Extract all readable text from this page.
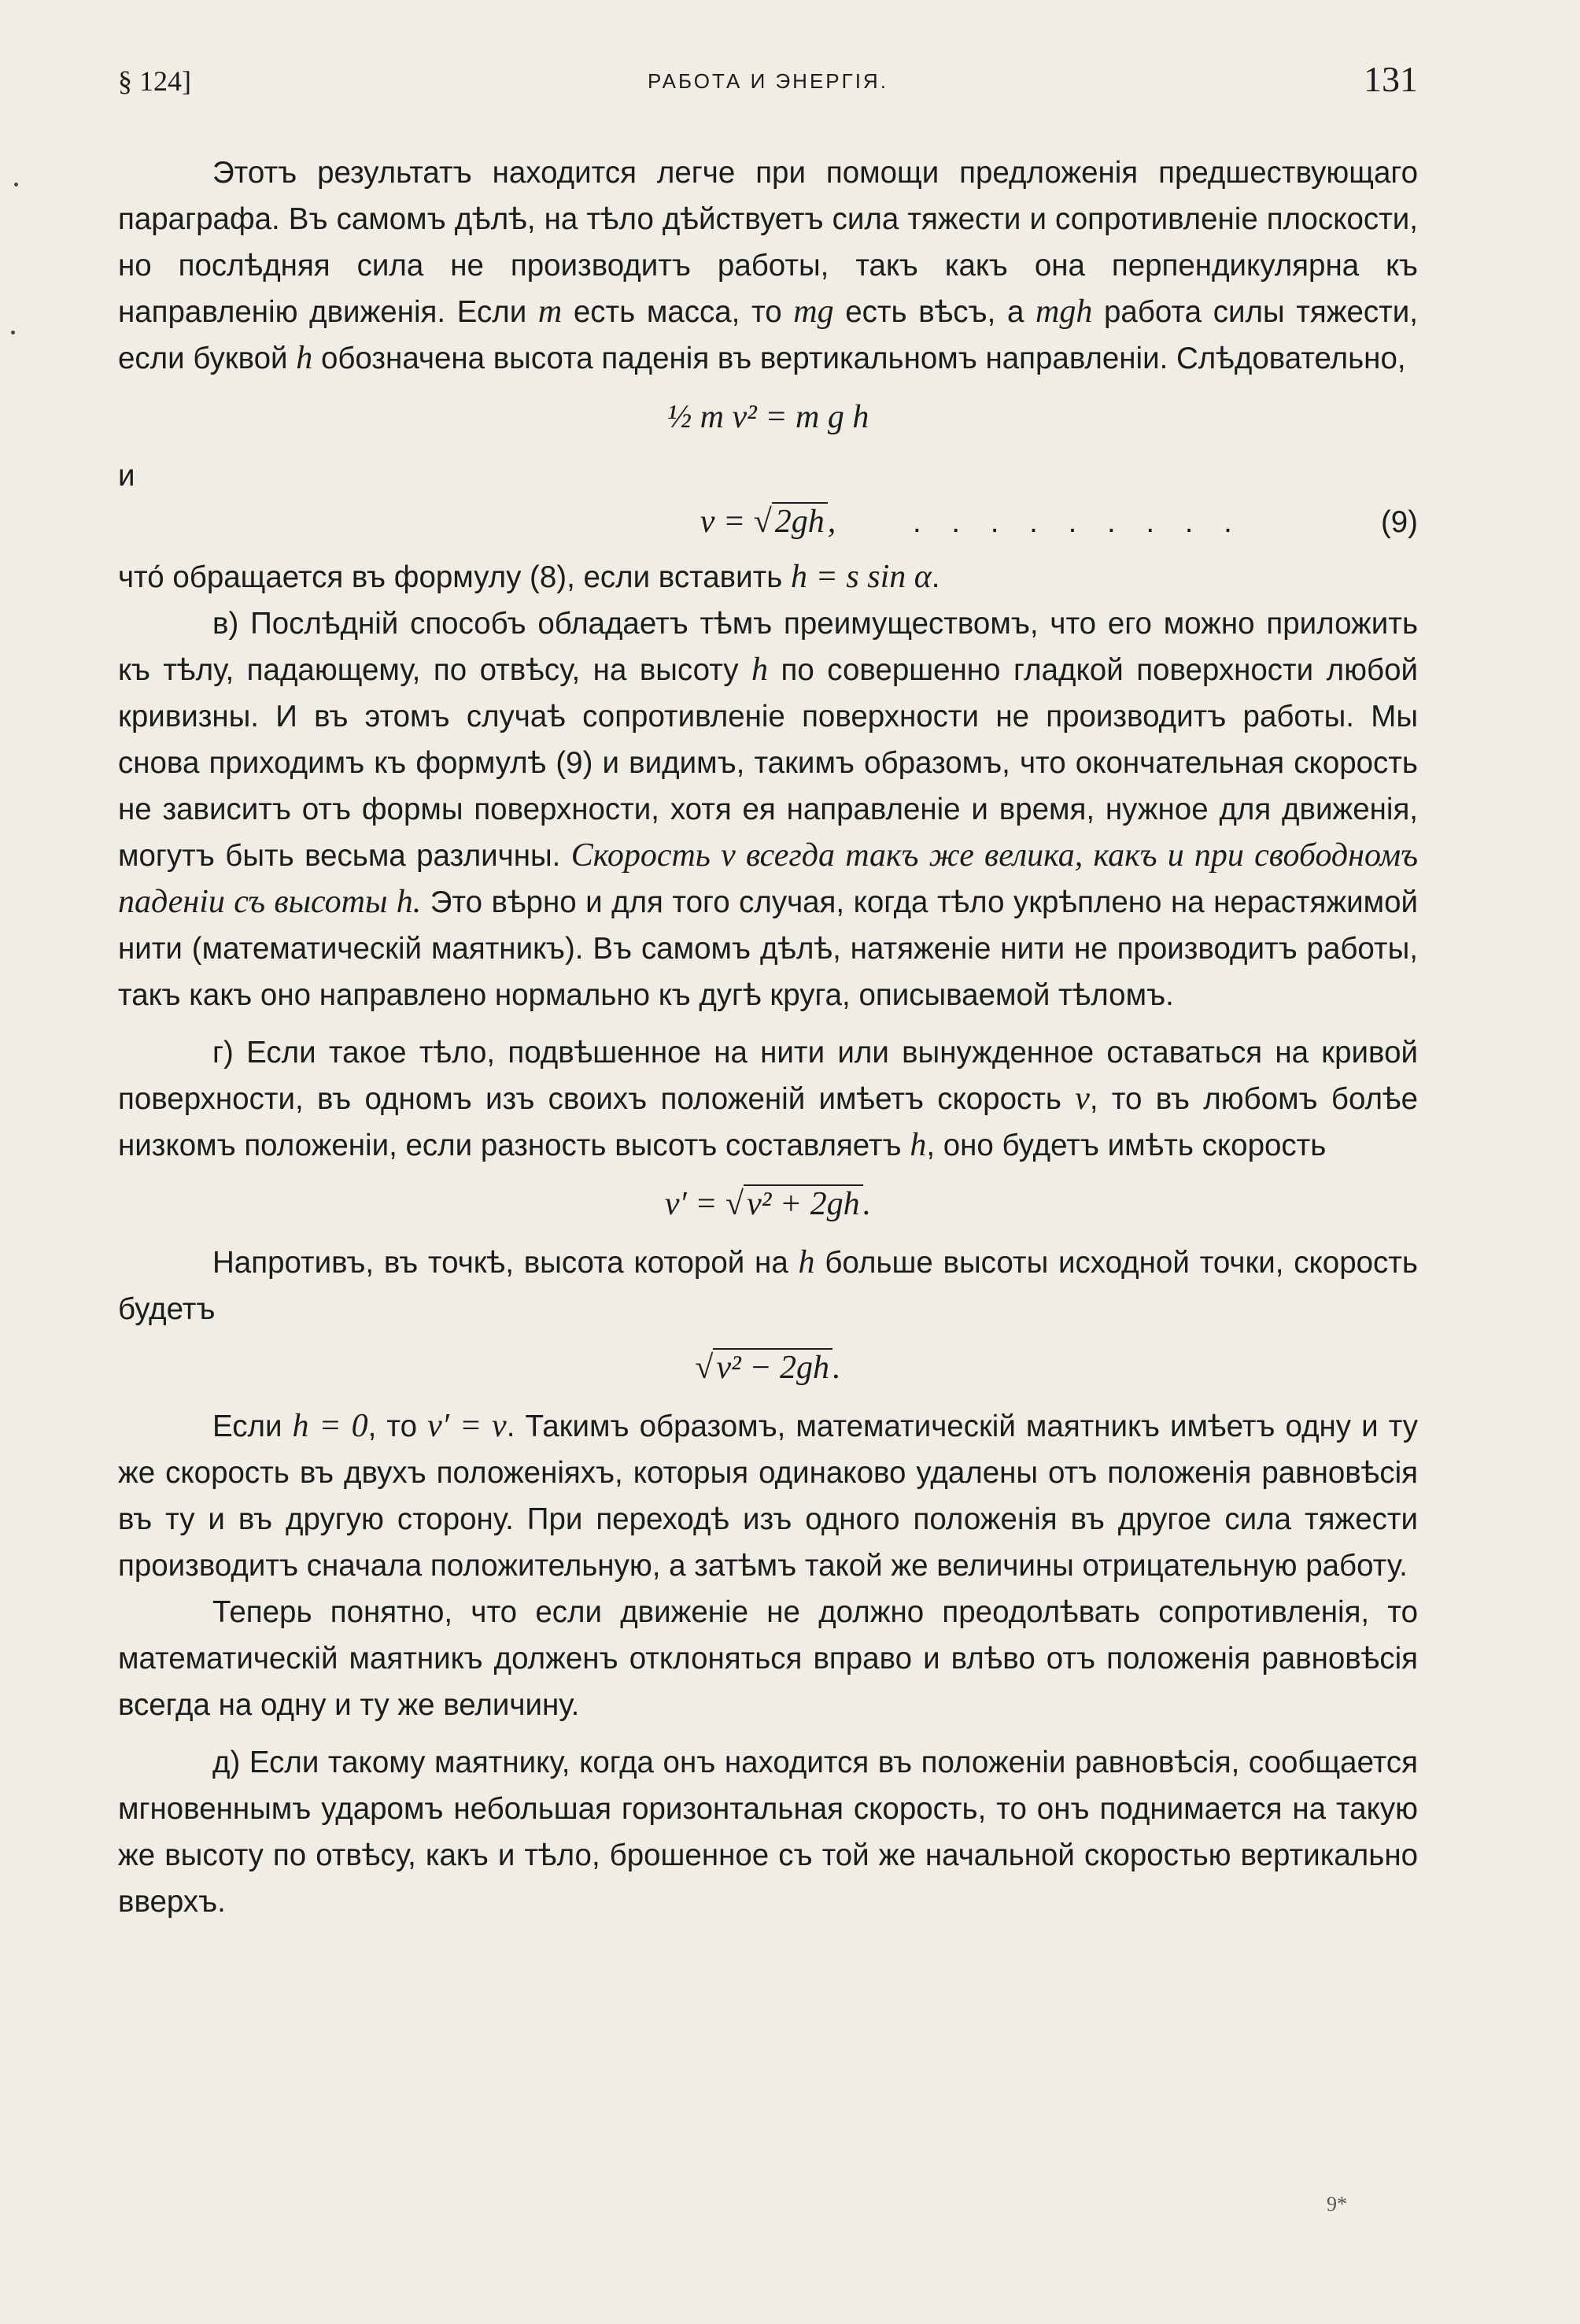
§ 124]	РАБОТА И ЭНЕРГІЯ.	131

Этотъ результатъ находится легче при помощи предложенія предшествующаго параграфа. Въ самомъ дѣлѣ, на тѣло дѣйствуетъ сила тяжести и сопротивленіе плоскости, но послѣдняя сила не производитъ работы, такъ какъ она перпендикулярна къ направленію движенія. Если m есть масса, то mg есть вѣсъ, а mgh работа силы тяжести, если буквой h обозначена высота паденія въ вертикальномъ направленіи. Слѣдовательно,

½ m v² = m g h

и

v = √2gh,	. . . . . . . . .	(9)

что́ обращается въ формулу (8), если вставить h = s sin α.

в) Послѣдній способъ обладаетъ тѣмъ преимуществомъ, что его можно приложить къ тѣлу, падающему, по отвѣсу, на высоту h по совершенно гладкой поверхности любой кривизны. И въ этомъ случаѣ сопротивленіе поверхности не производитъ работы. Мы снова приходимъ къ формулѣ (9) и видимъ, такимъ образомъ, что окончательная скорость не зависитъ отъ формы поверхности, хотя ея направленіе и время, нужное для движенія, могутъ быть весьма различны. Скорость v всегда такъ же велика, какъ и при свободномъ паденіи съ высоты h. Это вѣрно и для того случая, когда тѣло укрѣплено на нерастяжимой нити (математическій маятникъ). Въ самомъ дѣлѣ, натяженіе нити не производитъ работы, такъ какъ оно направлено нормально къ дугѣ круга, описываемой тѣломъ.

г) Если такое тѣло, подвѣшенное на нити или вынужденное оставаться на кривой поверхности, въ одномъ изъ своихъ положеній имѣетъ скорость v, то въ любомъ болѣе низкомъ положеніи, если разность высотъ составляетъ h, оно будетъ имѣть скорость

v′ = √v² + 2gh.

Напротивъ, въ точкѣ, высота которой на h больше высоты исходной точки, скорость будетъ

√v² − 2gh.

Если h = 0, то v′ = v. Такимъ образомъ, математическій маятникъ имѣетъ одну и ту же скорость въ двухъ положеніяхъ, которыя одинаково удалены отъ положенія равновѣсія въ ту и въ другую сторону. При переходѣ изъ одного положенія въ другое сила тяжести производитъ сначала положительную, а затѣмъ такой же величины отрицательную работу.

Теперь понятно, что если движеніе не должно преодолѣвать сопротивленія, то математическій маятникъ долженъ отклоняться вправо и влѣво отъ положенія равновѣсія всегда на одну и ту же величину.

д) Если такому маятнику, когда онъ находится въ положеніи равновѣсія, сообщается мгновеннымъ ударомъ небольшая горизонтальная скорость, то онъ поднимается на такую же высоту по отвѣсу, какъ и тѣло, брошенное съ той же начальной скоростью вертикально вверхъ.

9*
